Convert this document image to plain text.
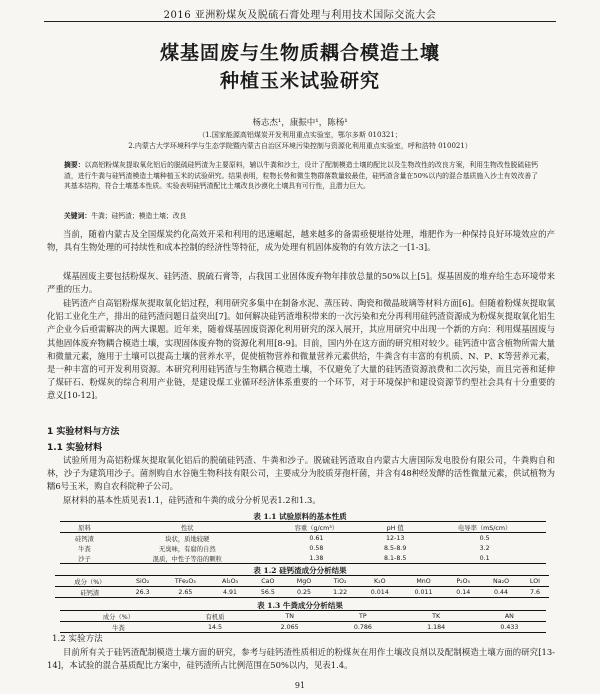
2016 亚洲粉煤灰及脱硫石膏处理与利用技术国际交流大会
煤基固废与生物质耦合模造土壤
种植玉米试验研究
杨志杰¹，康振中¹，陈杨¹
（1.国家能源高铝煤炭开发利用重点实验室，鄂尔多斯 010321；
2.内蒙古大学环境科学与生态学院暨内蒙古自治区环境污染控制与资源化利用重点实验室，呼和浩特 010021）
摘要：以高铝粉煤灰提取氧化铝后的脱硫硅钙渣为主要原料，辅以牛粪和沙土，设计了配制模造土壤的配比以及生物改性的改良方案，利用生物改性脱硫硅钙渣，进行牛粪与硅钙渣模造土壤种植玉米的试验研究。结果表明，粒物长势和微生物群落数量较最佳，硅钙渣含量在50%以内的混合基质施入沙土有效改善了其基本结构，符合土壤基本性质。实验表明硅钙渣配比土壤改良沙漠化土壤具有可行性，且潜力巨大。
关键词：牛粪；硅钙渣；模造土壤；改良

当前，随着内蒙古及全国煤炭约化高效开采和利用的迅速崛起，越来越多的备需亟便堪待处理，堆肥作为一种保持良好环境效应的产物，具有生物处理的可持续性和成本控制的经济性等特征，成为处理有机固体废物的有效方法之一[1-3]。

煤基固废主要包括粉煤灰、硅钙渣、脱硫石膏等，占我国工业固体废弃物年排放总量的50%以上[5]。煤基固废的堆弃给生态环境带来严重的压力。

硅钙渣产自高铝粉煤灰提取氧化铝过程，利用研究多集中在制备水泥、蒸压砖、陶瓷和微晶玻璃等材料方面[6]。但随着粉煤灰提取氧化铝工业化生产，排出的硅钙渣问题日益突出[7]。如何解决硅钙渣堆积带来的一次污染和充分再利用硅钙渣资源成为粉煤灰提取氧化铝生产企业今后亟需解决的两大课题。近年来，随着煤基固废资源化利用研究的深入展开，其应用研究中出现一个新的方向：利用煤基固废与其他固体废弃物耦合模造土壤，实现固体废弃物的资源化利用[8-9]。目前，国内外在这方面的研究相对较少。硅钙渣中富含植物所需大量和微量元素，施用于土壤可以提高土壤的营养水平，促使植物营养和微量营养元素供给，牛粪含有丰富的有机质、N、P、K等营养元素，是一种丰富的可开发利用资源。本研究利用硅钙渣与生物耦合模造土壤，不仅避免了大量的硅钙渣资源浪费和二次污染，而且完善和延伸了煤矸石、粉煤灰的综合利用产业链，是建设煤工业循环经济体系重要的一个环节，对于环境保护和建设资源节约型社会具有十分重要的意义[10-12]。

1 实验材料与方法
1.1 实验材料

试验所用为高铝粉煤灰提取氧化铝后的脱硫硅钙渣、牛粪和沙子。脱硫硅钙渣取自内蒙古大唐国际发电股份有限公司，牛粪购自和林，沙子为建筑用沙子。菌剂购自水谷施生物科技有限公司，主要成分为胶质芽孢杆菌，并含有48种经发酵的活性微量元素，供试植物为糯6号玉米，购自农科院种子公司。

原材料的基本性质见表1.1，硅钙渣和牛粪的成分分析见表1.2和1.3。

表 1.1 试验原料的基本性质
原料	性状	容重（g/cm³）	pH 值	电导率（mS/cm）
硅钙渣	块状，质地较硬	0.61	12-13	0.5
牛粪	无臭味，有腐的自然	0.58	8.5-8.9	3.2
沙子	混质，中性子等沿的颗粒	1.38	8.1-8.5	0.1
表 1.2 硅钙渣成分分析结果
成分（%）	SiO₂	TFe₂O₃	Al₂O₃	CaO	MgO	TiO₂	K₂O	MnO	P₂O₅	Na₂O	LOI
硅钙渣	26.3	2.65	4.91	56.5	0.25	1.22	0.014	0.011	0.14	0.44	7.6
表 1.3 牛粪成分分析结果
成分（%）	有机质	TN	TP	TK	AN
牛粪	14.5	2.065	0.786	1.184	0.433
1.2 实验方法

目前所有关于硅钙渣配制模造土壤方面的研究，参考与硅钙渣性质相近的粉煤灰在用作土壤改良剂以及配制模造土壤方面的研究[13-14]，本试验的混合基质配比方案中，硅钙渣所占比例范围在50%以内，见表1.4。

91
